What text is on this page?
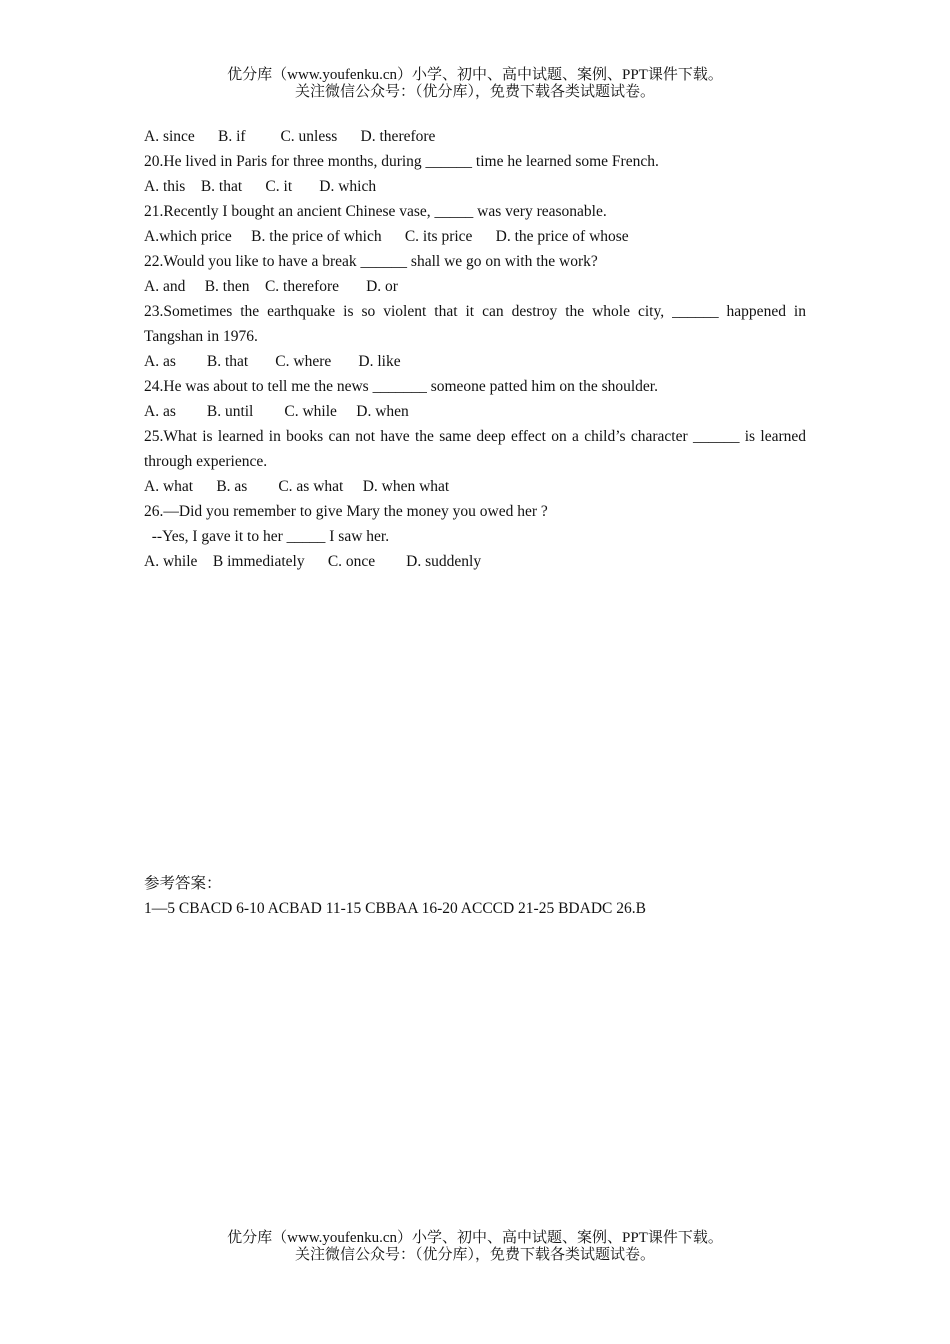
优分库（www.youfenku.cn）小学、初中、高中试题、案例、PPT课件下载。
关注微信公众号：（优分库），免费下载各类试题试卷。
A. since      B. if         C. unless      D. therefore
20.He lived in Paris for three months, during ______ time he learned some French.
A. this    B. that      C. it       D. which
21.Recently I bought an ancient Chinese vase, _____ was very reasonable.
A.which price     B. the price of which      C. its price      D. the price of whose
22.Would you like to have a break ______ shall we go on with the work?
A. and     B. then    C. therefore       D. or
23.Sometimes the earthquake is so violent that it can destroy the whole city, ______ happened in Tangshan in 1976.
A. as        B. that       C. where       D. like
24.He was about to tell me the news _______ someone patted him on the shoulder.
A. as        B. until        C. while     D. when
25.What is learned in books can not have the same deep effect on a child’s character ______ is learned through experience.
A. what      B. as        C. as what     D. when what
26.—Did you remember to give Mary the money you owed her ?
--Yes, I gave it to her _____ I saw her.
A. while    B immediately      C. once        D. suddenly
参考答案：
1—5 CBACD 6-10 ACBAD 11-15 CBBAA 16-20 ACCCD 21-25 BDADC 26.B
优分库（www.youfenku.cn）小学、初中、高中试题、案例、PPT课件下载。
关注微信公众号：（优分库），免费下载各类试题试卷。
